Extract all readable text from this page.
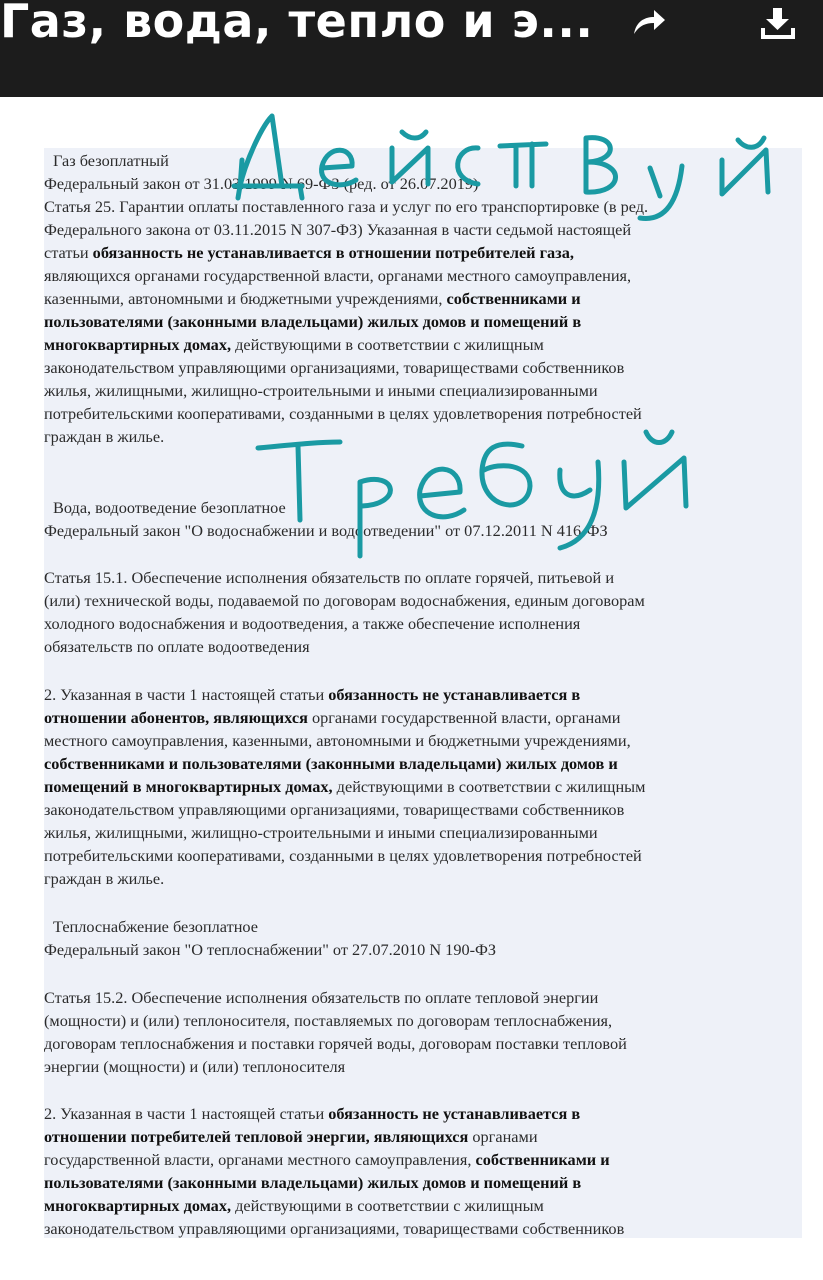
Газ, вода, тепло и э...

Газ безоплатный

Федеральный закон от 31.03.1999 N 69-ФЗ (ред. от 26.07.2019)

Статья 25. Гарантии оплаты поставленного газа и услуг по его транспортировке (в ред.

Федерального закона от 03.11.2015 N 307-ФЗ) Указанная в части седьмой настоящей

статьи обязанность не устанавливается в отношении потребителей газа,

являющихся органами государственной власти, органами местного самоуправления,

казенными, автономными и бюджетными учреждениями, собственниками и

пользователями (законными владельцами) жилых домов и помещений в

многоквартирных домах, действующими в соответствии с жилищным

законодательством управляющими организациями, товариществами собственников

жилья, жилищными, жилищно-строительными и иными специализированными

потребительскими кооперативами, созданными в целях удовлетворения потребностей

граждан в жилье.

Вода, водоотведение безоплатное

Федеральный закон "О водоснабжении и водоотведении" от 07.12.2011 N 416-ФЗ

Статья 15.1. Обеспечение исполнения обязательств по оплате горячей, питьевой и

(или) технической воды, подаваемой по договорам водоснабжения, единым договорам

холодного водоснабжения и водоотведения, а также обеспечение исполнения

обязательств по оплате водоотведения

2. Указанная в части 1 настоящей статьи обязанность не устанавливается в

отношении абонентов, являющихся органами государственной власти, органами

местного самоуправления, казенными, автономными и бюджетными учреждениями,

собственниками и пользователями (законными владельцами) жилых домов и

помещений в многоквартирных домах, действующими в соответствии с жилищным

законодательством управляющими организациями, товариществами собственников

жилья, жилищными, жилищно-строительными и иными специализированными

потребительскими кооперативами, созданными в целях удовлетворения потребностей

граждан в жилье.

Теплоснабжение безоплатное

Федеральный закон "О теплоснабжении" от 27.07.2010 N 190-ФЗ

Статья 15.2. Обеспечение исполнения обязательств по оплате тепловой энергии

(мощности) и (или) теплоносителя, поставляемых по договорам теплоснабжения,

договорам теплоснабжения и поставки горячей воды, договорам поставки тепловой

энергии (мощности) и (или) теплоносителя

2. Указанная в части 1 настоящей статьи обязанность не устанавливается в

отношении потребителей тепловой энергии, являющихся органами

государственной власти, органами местного самоуправления, собственниками и

пользователями (законными владельцами) жилых домов и помещений в

многоквартирных домах, действующими в соответствии с жилищным

законодательством управляющими организациями, товариществами собственников
